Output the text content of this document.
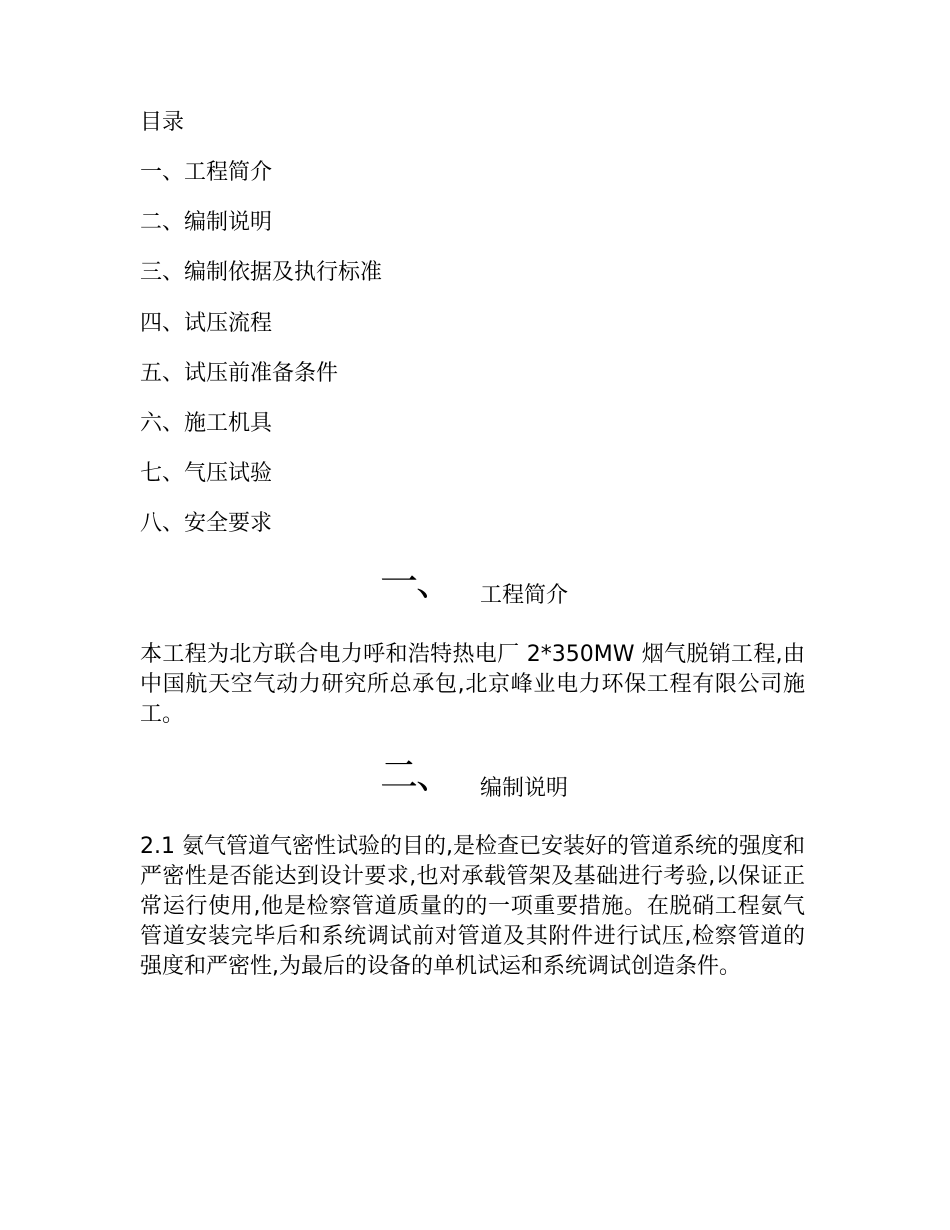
目录
一、工程简介
二、编制说明
三、编制依据及执行标准
四、试压流程
五、试压前准备条件
六、施工机具
七、气压试验
八、安全要求
一、 工程简介

本工程为北方联合电力呼和浩特热电厂 2*350MW 烟气脱销工程,由中国航天空气动力研究所总承包,北京峰业电力环保工程有限公司施工。

二、 编制说明

2.1 氨气管道气密性试验的目的,是检查已安装好的管道系统的强度和严密性是否能达到设计要求,也对承载管架及基础进行考验,以保证正常运行使用,他是检察管道质量的的一项重要措施。在脱硝工程氨气管道安装完毕后和系统调试前对管道及其附件进行试压,检察管道的强度和严密性,为最后的设备的单机试运和系统调试创造条件。
